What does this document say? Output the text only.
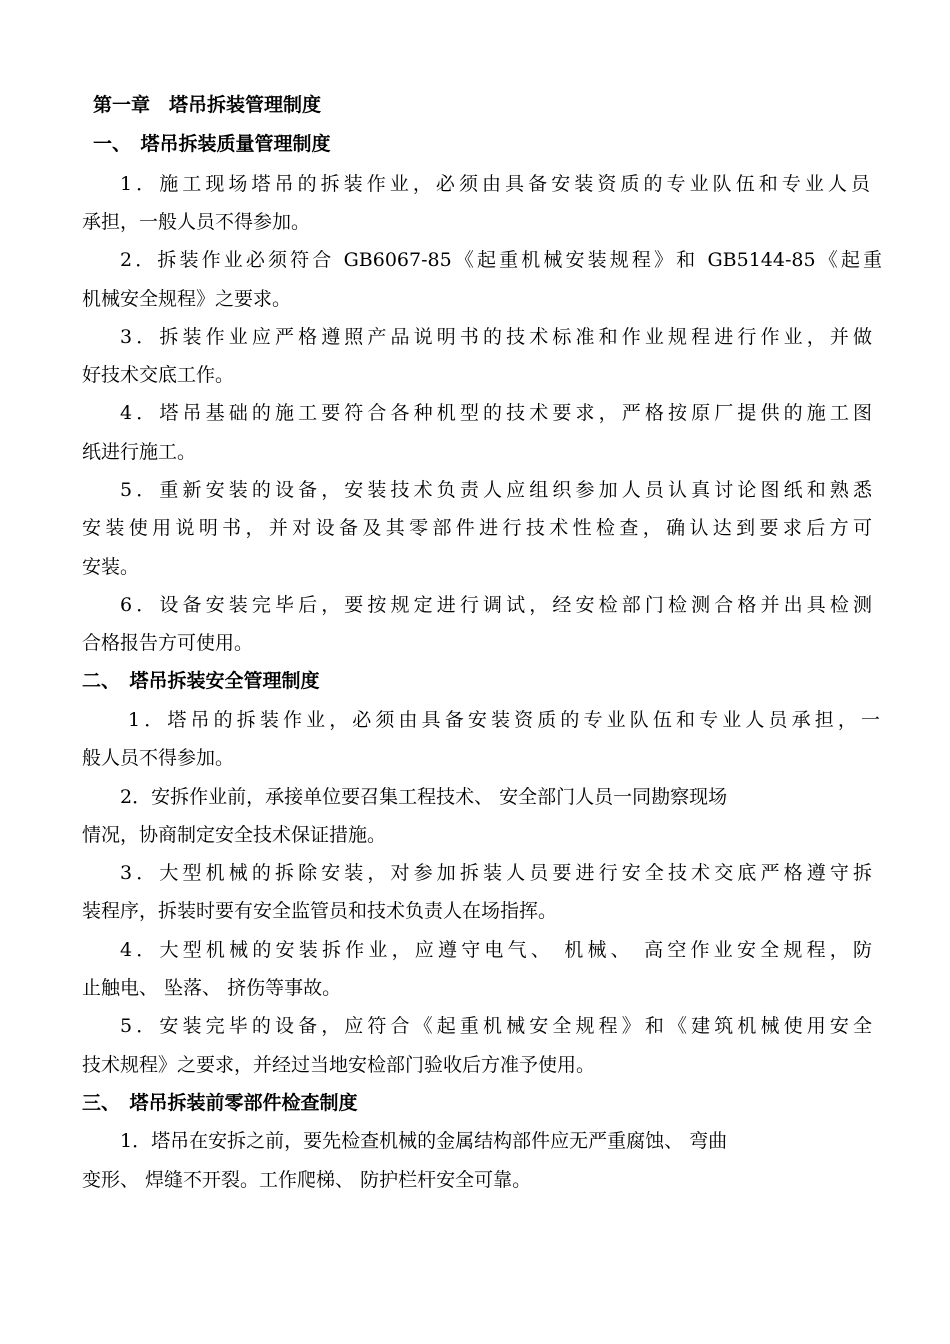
第一章　塔吊拆装管理制度
一、　塔吊拆装质量管理制度
1．施工现场塔吊的拆装作业，必须由具备安装资质的专业队伍和专业人员
承担，一般人员不得参加。
2．拆装作业必须符合 GB6067-85《起重机械安装规程》和 GB5144-85《起重
机械安全规程》之要求。
3．拆装作业应严格遵照产品说明书的技术标准和作业规程进行作业，并做
好技术交底工作。
4．塔吊基础的施工要符合各种机型的技术要求，严格按原厂提供的施工图
纸进行施工。
5．重新安装的设备，安装技术负责人应组织参加人员认真讨论图纸和熟悉
安装使用说明书，并对设备及其零部件进行技术性检查，确认达到要求后方可
安装。
6．设备安装完毕后，要按规定进行调试，经安检部门检测合格并出具检测
合格报告方可使用。
二、　塔吊拆装安全管理制度
1．塔吊的拆装作业，必须由具备安装资质的专业队伍和专业人员承担，一
般人员不得参加。
2．安拆作业前，承接单位要召集工程技术、 安全部门人员一同勘察现场
情况，协商制定安全技术保证措施。
3．大型机械的拆除安装，对参加拆装人员要进行安全技术交底严格遵守拆
装程序，拆装时要有安全监管员和技术负责人在场指挥。
4．大型机械的安装拆作业，应遵守电气、 机械、 高空作业安全规程，防
止触电、 坠落、 挤伤等事故。
5．安装完毕的设备，应符合《起重机械安全规程》和《建筑机械使用安全
技术规程》之要求，并经过当地安检部门验收后方准予使用。
三、　塔吊拆装前零部件检查制度
1．塔吊在安拆之前，要先检查机械的金属结构部件应无严重腐蚀、 弯曲
变形、 焊缝不开裂。工作爬梯、 防护栏杆安全可靠。
